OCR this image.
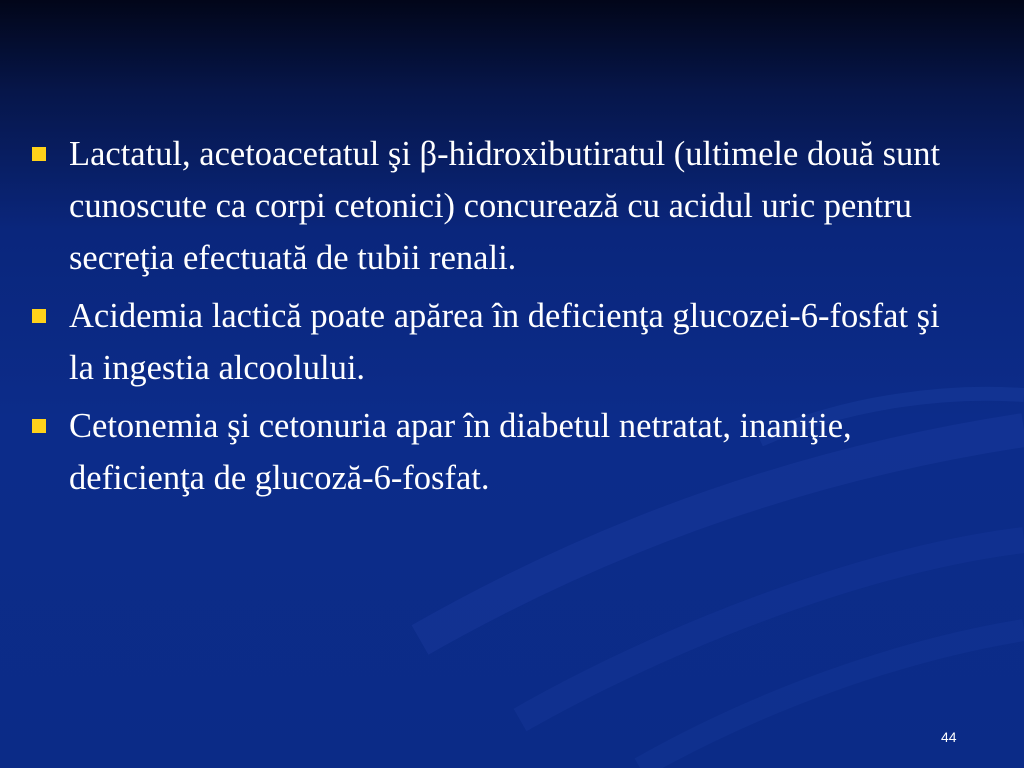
Lactatul, acetoacetatul şi β-hidroxibutiratul (ultimele două sunt cunoscute ca corpi cetonici) concurează cu acidul uric pentru secreţia efectuată de tubii renali.
Acidemia lactică poate apărea în deficienţa glucozei-6-fosfat şi la ingestia alcoolului.
Cetonemia şi cetonuria apar în diabetul netratat, inaniţie, deficienţa de glucoză-6-fosfat.
44
